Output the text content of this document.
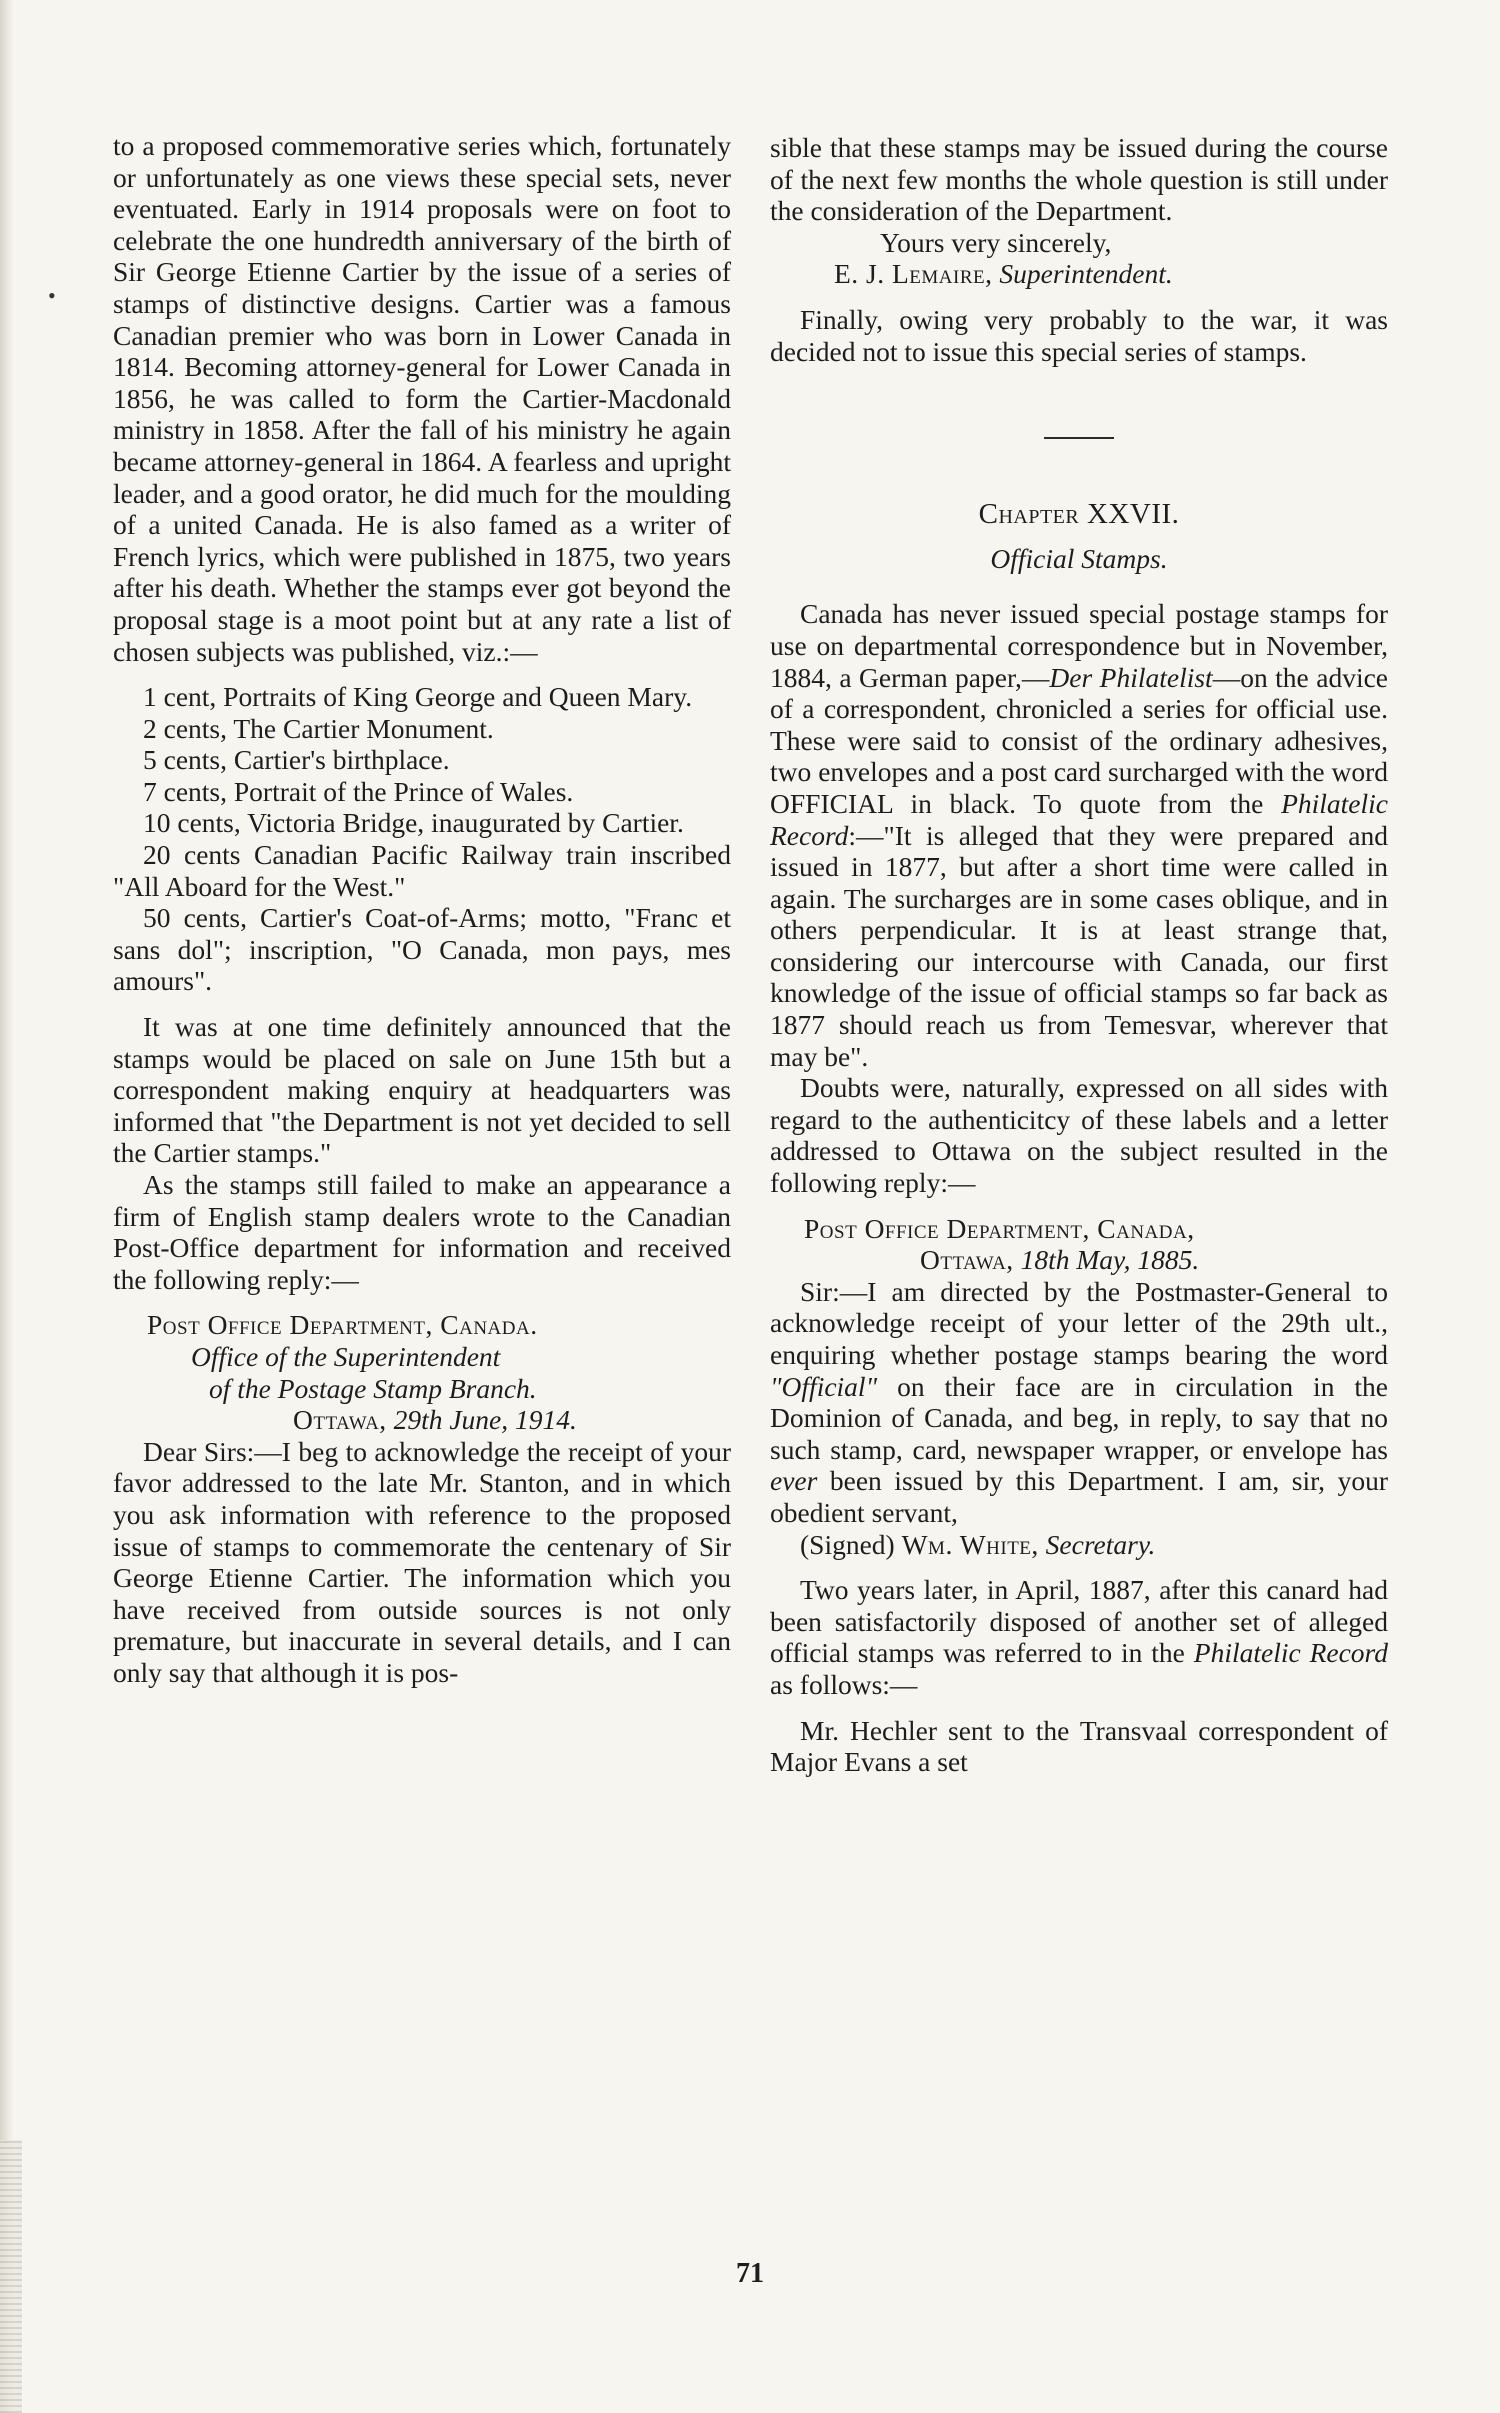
•

to a proposed commemorative series which, fortunately or unfortunately as one views these special sets, never eventuated. Early in 1914 proposals were on foot to celebrate the one hundredth anniversary of the birth of Sir George Etienne Cartier by the issue of a series of stamps of distinctive designs. Cartier was a famous Canadian premier who was born in Lower Canada in 1814. Becoming attorney-general for Lower Canada in 1856, he was called to form the Cartier-Macdonald ministry in 1858. After the fall of his ministry he again became attorney-general in 1864. A fearless and upright leader, and a good orator, he did much for the moulding of a united Canada. He is also famed as a writer of French lyrics, which were published in 1875, two years after his death. Whether the stamps ever got beyond the proposal stage is a moot point but at any rate a list of chosen subjects was published, viz.:—

1 cent, Portraits of King George and Queen Mary.

2 cents, The Cartier Monument.

5 cents, Cartier's birthplace.

7 cents, Portrait of the Prince of Wales.

10 cents, Victoria Bridge, inaugurated by Cartier.

20 cents Canadian Pacific Railway train inscribed "All Aboard for the West."

50 cents, Cartier's Coat-of-Arms; motto, "Franc et sans dol"; inscription, "O Canada, mon pays, mes amours".

It was at one time definitely announced that the stamps would be placed on sale on June 15th but a correspondent making enquiry at headquarters was informed that "the Department is not yet decided to sell the Cartier stamps."

As the stamps still failed to make an appearance a firm of English stamp dealers wrote to the Canadian Post-Office department for information and received the following reply:—

Post Office Department, Canada.

Office of the Superintendent

of the Postage Stamp Branch.

Ottawa, 29th June, 1914.

Dear Sirs:—I beg to acknowledge the receipt of your favor addressed to the late Mr. Stanton, and in which you ask information with reference to the proposed issue of stamps to commemorate the centenary of Sir George Etienne Cartier. The information which you have received from outside sources is not only premature, but inaccurate in several details, and I can only say that although it is pos-

sible that these stamps may be issued during the course of the next few months the whole question is still under the consideration of the Department.

Yours very sincerely,

E. J. Lemaire, Superintendent.

Finally, owing very probably to the war, it was decided not to issue this special series of stamps.

Chapter XXVII.

Official Stamps.

Canada has never issued special postage stamps for use on departmental correspondence but in November, 1884, a German paper,—Der Philatelist—on the advice of a correspondent, chronicled a series for official use. These were said to consist of the ordinary adhesives, two envelopes and a post card surcharged with the word OFFICIAL in black. To quote from the Philatelic Record:—"It is alleged that they were prepared and issued in 1877, but after a short time were called in again. The surcharges are in some cases oblique, and in others perpendicular. It is at least strange that, considering our intercourse with Canada, our first knowledge of the issue of official stamps so far back as 1877 should reach us from Temesvar, wherever that may be".

Doubts were, naturally, expressed on all sides with regard to the authenticitcy of these labels and a letter addressed to Ottawa on the subject resulted in the following reply:—

Post Office Department, Canada,

Ottawa, 18th May, 1885.

Sir:—I am directed by the Postmaster-General to acknowledge receipt of your letter of the 29th ult., enquiring whether postage stamps bearing the word "Official" on their face are in circulation in the Dominion of Canada, and beg, in reply, to say that no such stamp, card, newspaper wrapper, or envelope has ever been issued by this Department. I am, sir, your obedient servant,

(Signed) Wm. White, Secretary.

Two years later, in April, 1887, after this canard had been satisfactorily disposed of another set of alleged official stamps was referred to in the Philatelic Record as follows:—

Mr. Hechler sent to the Transvaal correspondent of Major Evans a set

71
